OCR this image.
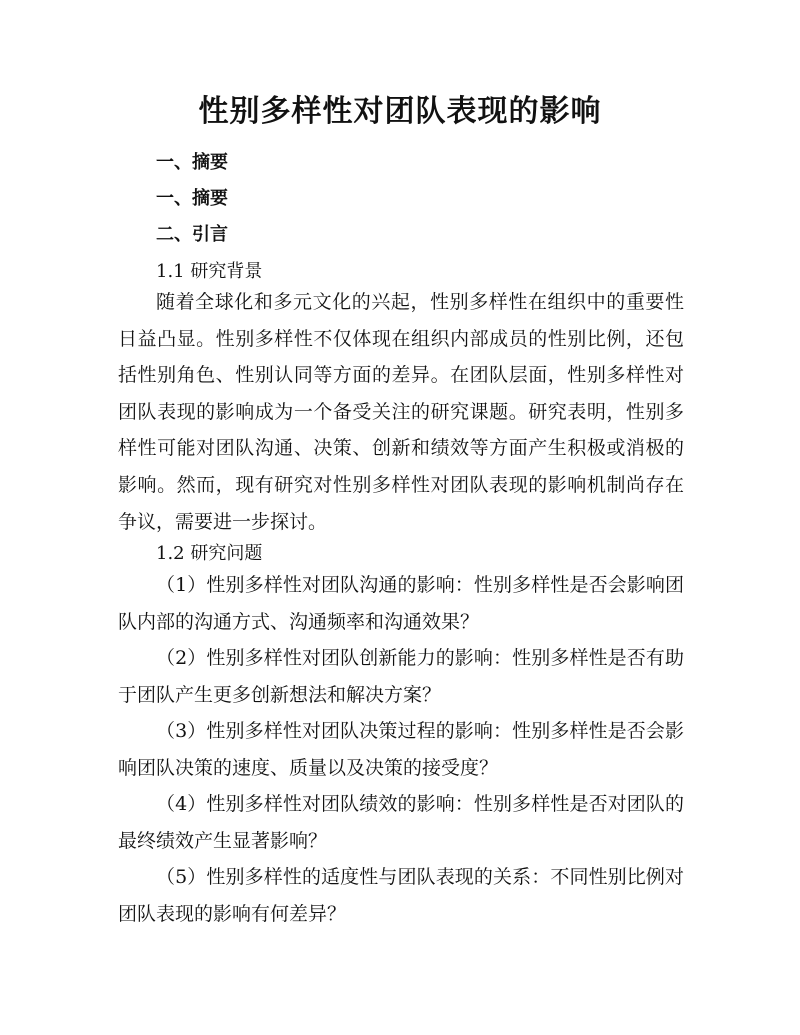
性别多样性对团队表现的影响
一、摘要
一、摘要
二、引言
1.1 研究背景
随着全球化和多元文化的兴起，性别多样性在组织中的重要性日益凸显。性别多样性不仅体现在组织内部成员的性别比例，还包括性别角色、性别认同等方面的差异。在团队层面，性别多样性对团队表现的影响成为一个备受关注的研究课题。研究表明，性别多样性可能对团队沟通、决策、创新和绩效等方面产生积极或消极的影响。然而，现有研究对性别多样性对团队表现的影响机制尚存在争议，需要进一步探讨。
1.2 研究问题
（1）性别多样性对团队沟通的影响：性别多样性是否会影响团队内部的沟通方式、沟通频率和沟通效果？
（2）性别多样性对团队创新能力的影响：性别多样性是否有助于团队产生更多创新想法和解决方案？
（3）性别多样性对团队决策过程的影响：性别多样性是否会影响团队决策的速度、质量以及决策的接受度？
（4）性别多样性对团队绩效的影响：性别多样性是否对团队的最终绩效产生显著影响？
（5）性别多样性的适度性与团队表现的关系：不同性别比例对团队表现的影响有何差异？
